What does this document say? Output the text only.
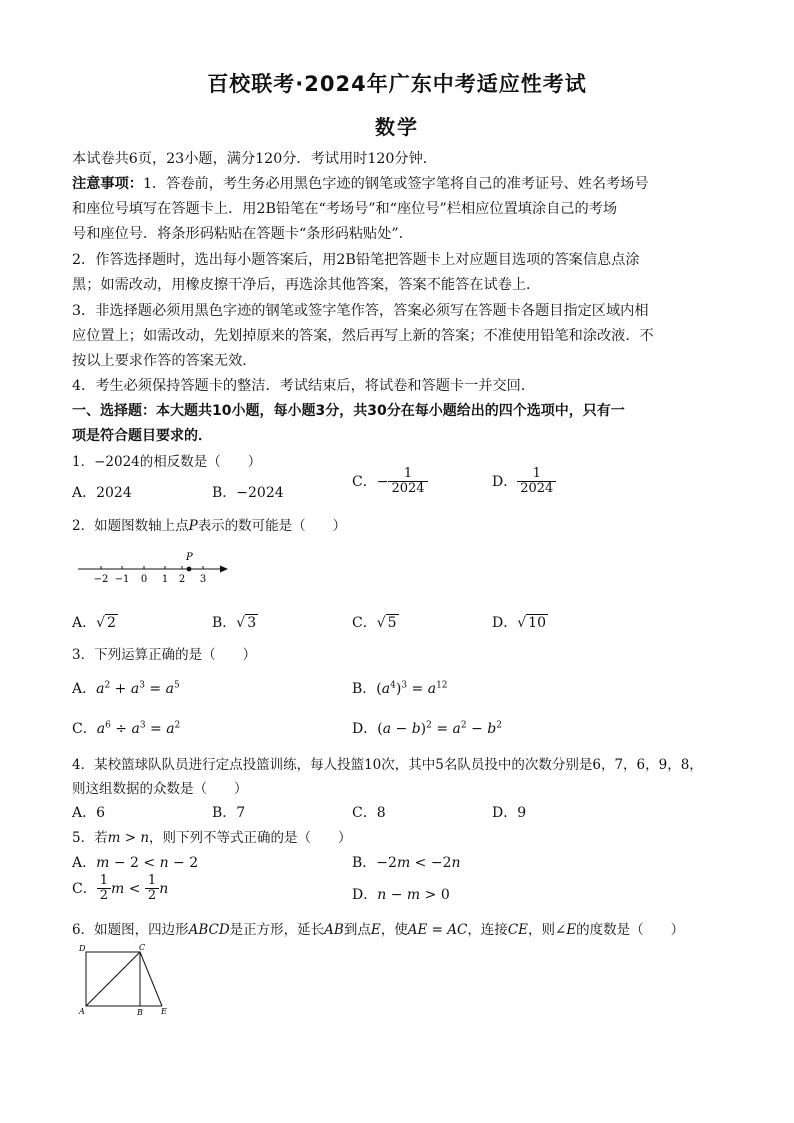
百校联考·2024年广东中考适应性考试
数学
本试卷共6页，23小题，满分120分．考试用时120分钟．
注意事项：1．答卷前，考生务必用黑色字迹的钢笔或签字笔将自己的准考证号、姓名考场号
和座位号填写在答题卡上．用2B铅笔在“考场号”和“座位号”栏相应位置填涂自己的考场
号和座位号．将条形码粘贴在答题卡“条形码粘贴处”．
2．作答选择题时，选出每小题答案后，用2B铅笔把答题卡上对应题目选项的答案信息点涂
黑；如需改动，用橡皮擦干净后，再选涂其他答案，答案不能答在试卷上．
3．非选择题必须用黑色字迹的钢笔或签字笔作答，答案必须写在答题卡各题目指定区域内相
应位置上；如需改动，先划掉原来的答案，然后再写上新的答案；不准使用铅笔和涂改液．不
按以上要求作答的答案无效．
4．考生必须保持答题卡的整洁．考试结束后，将试卷和答题卡一并交回．
一、选择题：本大题共10小题，每小题3分，共30分在每小题给出的四个选项中，只有一
项是符合题目要求的．
1．−2024的相反数是（　　）
A．2024	B．−2024
C．− $\frac{1}{2024}$	D． $\frac{1}{2024}$
2．如题图数轴上点P表示的数可能是（　　）
P
−2 −1 0 1 2 3
A．√ 2	B．√ 3	C．√ 5	D．√ 10
3．下列运算正确的是（　　）
A．$a^2 + a^3 = a^5$	B．$(a^4)^3 = a^{12}$
C．$a^6 \div a^3 = a^2$	D．$(a - b)^2 = a^2 - b^2$
4．某校篮球队队员进行定点投篮训练，每人投篮10次，其中5名队员投中的次数分别是6，7，6，9，8，
则这组数据的众数是（　　）
A．6	B．7	C．8	D．9
5．若m > n，则下列不等式正确的是（　　）
A．m − 2 < n − 2	B．−2m < −2n
C． $\frac{1}{2}$ $m < \frac{1}{2}$ n	D．n − m > 0
6．如题图，四边形ABCD是正方形，延长AB到点E，使AE = AC，连接CE，则∠E的度数是（　　）
D	C
A	B E
